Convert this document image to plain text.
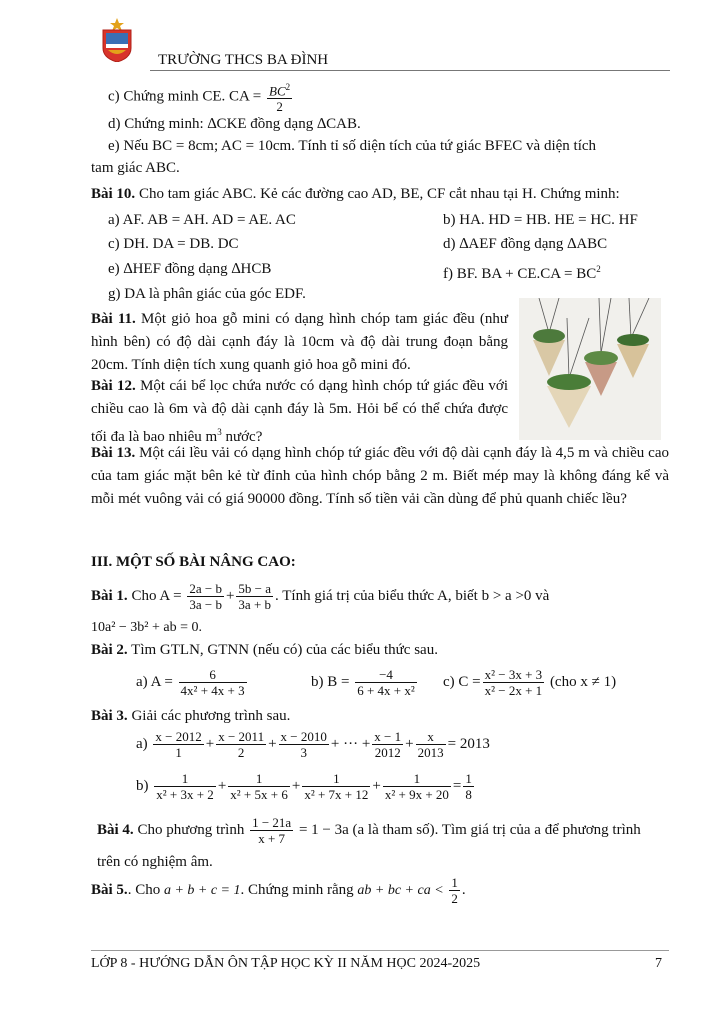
TRƯỜNG THCS BA ĐÌNH
c) Chứng minh CE. CA = $\frac{BC^2}{2}$
d) Chứng minh: ∆CKE đồng dạng ∆CAB.
e) Nếu BC = 8cm; AC = 10cm. Tính tỉ số diện tích của tứ giác BFEC và diện tích
tam giác ABC.
Bài 10. Cho tam giác ABC. Kẻ các đường cao AD, BE, CF cắt nhau tại H. Chứng minh:
a) AF. AB = AH. AD = AE. AC	b) HA. HD = HB. HE = HC. HF
c) DH. DA = DB. DC	d) ∆AEF đồng dạng ∆ABC
e) ∆HEF đồng dạng ∆HCB	f) BF. BA + $CE.CA = BC^2$
g) DA là phân giác của góc EDF.
Bài 11. Một giỏ hoa gỗ mini có dạng hình chóp tam giác đều (như hình bên) có độ dài cạnh đáy là 10cm và độ dài trung đoạn bằng 20cm. Tính diện tích xung quanh giỏ hoa gỗ mini đó.
Bài 12. Một cái bể lọc chứa nước có dạng hình chóp tứ giác đều với chiều cao là 6m và độ dài cạnh đáy là 5m. Hỏi bể có thể chứa được tối đa là bao nhiêu $m^3$ nước?
Bài 13. Một cái lều vải có dạng hình chóp tứ giác đều với độ dài cạnh đáy là 4,5 m và chiều cao của tam giác mặt bên kẻ từ đỉnh của hình chóp bằng 2 m. Biết mép may là không đáng kể và mỗi mét vuông vải có giá 90000 đồng. Tính số tiền vải cần dùng để phủ quanh chiếc lều?
III. MỘT SỐ BÀI NÂNG CAO:
Bài 1. Cho $A = \frac{2a - b}{3a - b} + \frac{5b - a}{3a + b}$ . Tính giá trị của biểu thức A, biết b > a >0 và
10a² − 3b² + ab = 0.
Bài 2. Tìm GTLN, GTNN (nếu có) của các biểu thức sau.
a) $A = \frac{6}{\text{4x² + 4x + 3}}$	b) $B = \frac{-4}{\text{6 + 4x + x²}} c$) $C = \frac{\text{x² − 3x + 3}}{\text{x² − 2x + 1}} (cho$ x ≠ 1)
Bài 3. Giải các phương trình sau.
$a) \frac{x - 2012}{1} + \frac{x - 2011}{2} + \frac{x - 2010}{3}$ + ··· + $\frac{x - 1}{2012} + \frac{x}{2013} = 2013$
$b) \frac{1}{\text{x² + 3x + 2}} + \frac{1}{\text{x² + 5x + 6}} + \frac{1}{\text{x² + 7x + 12}} + \frac{1}{\text{x² + 9x + 20}} = \frac{1}{8}$
Bài 4. Cho phương trình $\frac{1 - 21a}{x + 7} = 1 - 3a$ (a là tham số). Tìm giá trị của a để phương trình
trên có nghiệm âm.
Bài 5.. Cho a + b + c = 1. Chứng minh rằng ab + bc + ca < $\frac{1}{2}$ .
LỚP 8 - HƯỚNG DẪN ÔN TẬP HỌC KỲ II NĂM HỌC 2024-2025	7
